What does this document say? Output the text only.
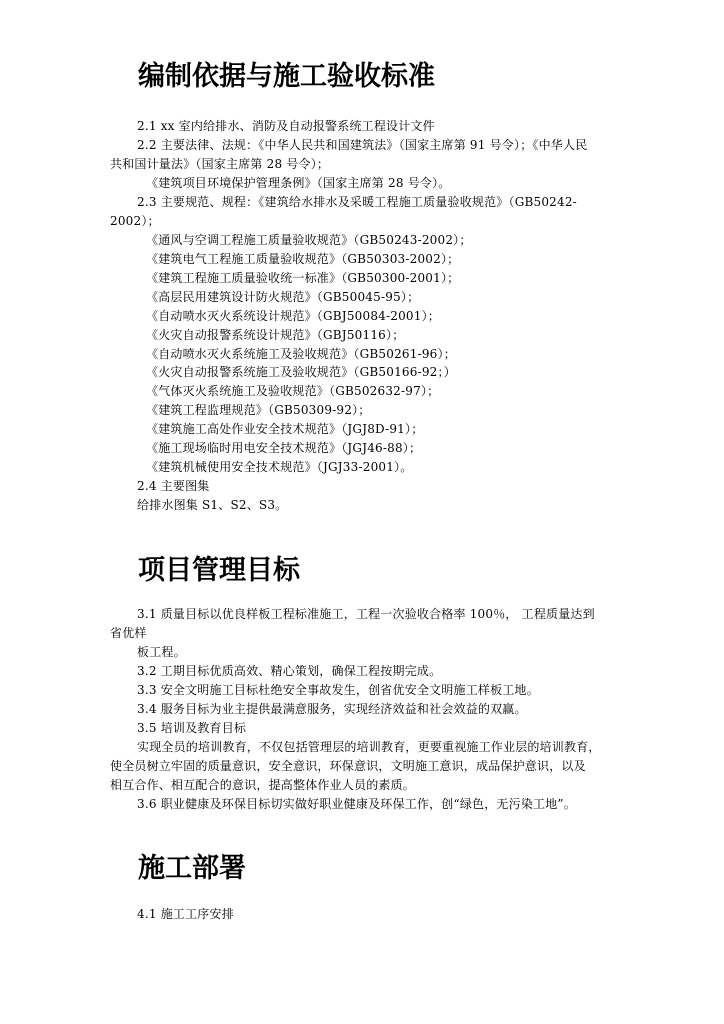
编制依据与施工验收标准

2.1 xx 室内给排水、消防及自动报警系统工程设计文件

2.2 主要法律、法规：《中华人民共和国建筑法》（国家主席第 91 号令）；《中华人民

共和国计量法》（国家主席第 28 号令）；

《建筑项目环境保护管理条例》（国家主席第 28 号令）。

2.3 主要规范、规程：《建筑给水排水及采暖工程施工质量验收规范》（GB50242-

2002）；

《通风与空调工程施工质量验收规范》（GB50243-2002）；

《建筑电气工程施工质量验收规范》（GB50303-2002）；

《建筑工程施工质量验收统一标准》（GB50300-2001）；

《高层民用建筑设计防火规范》（GB50045-95）；

《自动喷水灭火系统设计规范》（GBJ50084-2001）；

《火灾自动报警系统设计规范》（GBJ50116）；

《自动喷水灭火系统施工及验收规范》（GB50261-96）；

《火灾自动报警系统施工及验收规范》（GB50166-92；）

《气体灭火系统施工及验收规范》（GB502632-97）；

《建筑工程监理规范》（GB50309-92）；

《建筑施工高处作业安全技术规范》（JGJ8D-91）；

《施工现场临时用电安全技术规范》（JGJ46-88）；

《建筑机械使用安全技术规范》（JGJ33-2001）。

2.4 主要图集

给排水图集 S1、S2、S3。

项目管理目标

3.1 质量目标以优良样板工程标准施工，工程一次验收合格率 100％， 工程质量达到

省优样

板工程。

3.2 工期目标优质高效、精心策划，确保工程按期完成。

3.3 安全文明施工目标杜绝安全事故发生，创省优安全文明施工样板工地。

3.4 服务目标为业主提供最满意服务，实现经济效益和社会效益的双赢。

3.5 培训及教育目标

实现全员的培训教育，不仅包括管理层的培训教育，更要重视施工作业层的培训教育，

使全员树立牢固的质量意识，安全意识，环保意识，文明施工意识，成品保护意识，以及

相互合作、相互配合的意识，提高整体作业人员的素质。

3.6 职业健康及环保目标切实做好职业健康及环保工作，创“绿色，无污染工地”。

施工部署

4.1 施工工序安排
